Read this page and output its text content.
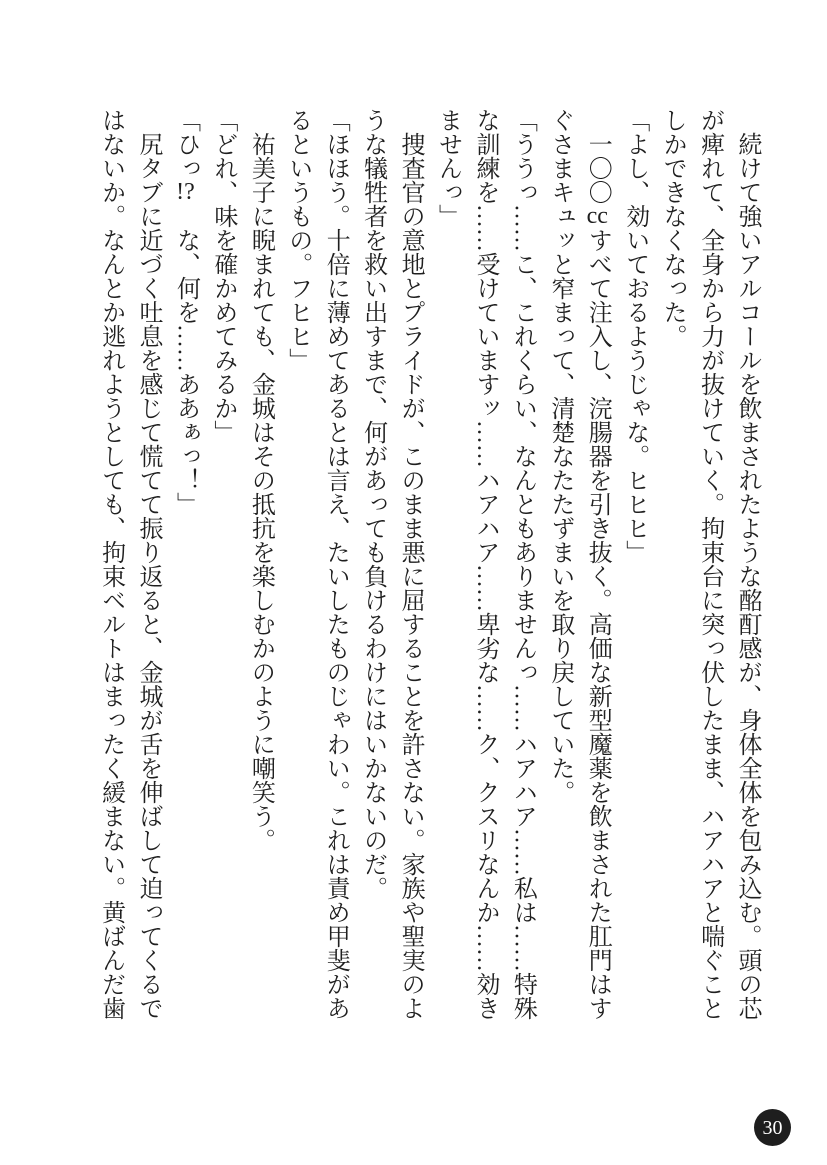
続けて強いアルコールを飲まされたような酩酊感が、身体全体を包み込む。頭の芯
が痺れて、全身から力が抜けていく。拘束台に突っ伏したまま、ハアハアと喘ぐこと
しかできなくなった。
「よし、効いておるようじゃな。ヒヒヒ」
一〇〇ccすべて注入し、浣腸器を引き抜く。高価な新型魔薬を飲まされた肛門はす
ぐさまキュッと窄まって、清楚なたたずまいを取り戻していた。
「ううっ……こ、これくらい、なんともありませんっ……ハアハア……私は……特殊
な訓練を……受けていますッ……ハアハア……卑劣な……ク、クスリなんか……効き
ませんっ」
捜査官の意地とプライドが、このまま悪に屈することを許さない。家族や聖実のよ
うな犠牲者を救い出すまで、何があっても負けるわけにはいかないのだ。
「ほほう。十倍に薄めてあるとは言え、たいしたものじゃわい。これは責め甲斐があ
るというもの。フヒヒ」
祐美子に睨まれても、金城はその抵抗を楽しむかのように嘲笑う。
「どれ、味を確かめてみるか」
「ひっ!?　な、何を……ああぁっ！」
尻タブに近づく吐息を感じて慌てて振り返ると、金城が舌を伸ばして迫ってくるで
はないか。なんとか逃れようとしても、拘束ベルトはまったく緩まない。黄ばんだ歯
30
